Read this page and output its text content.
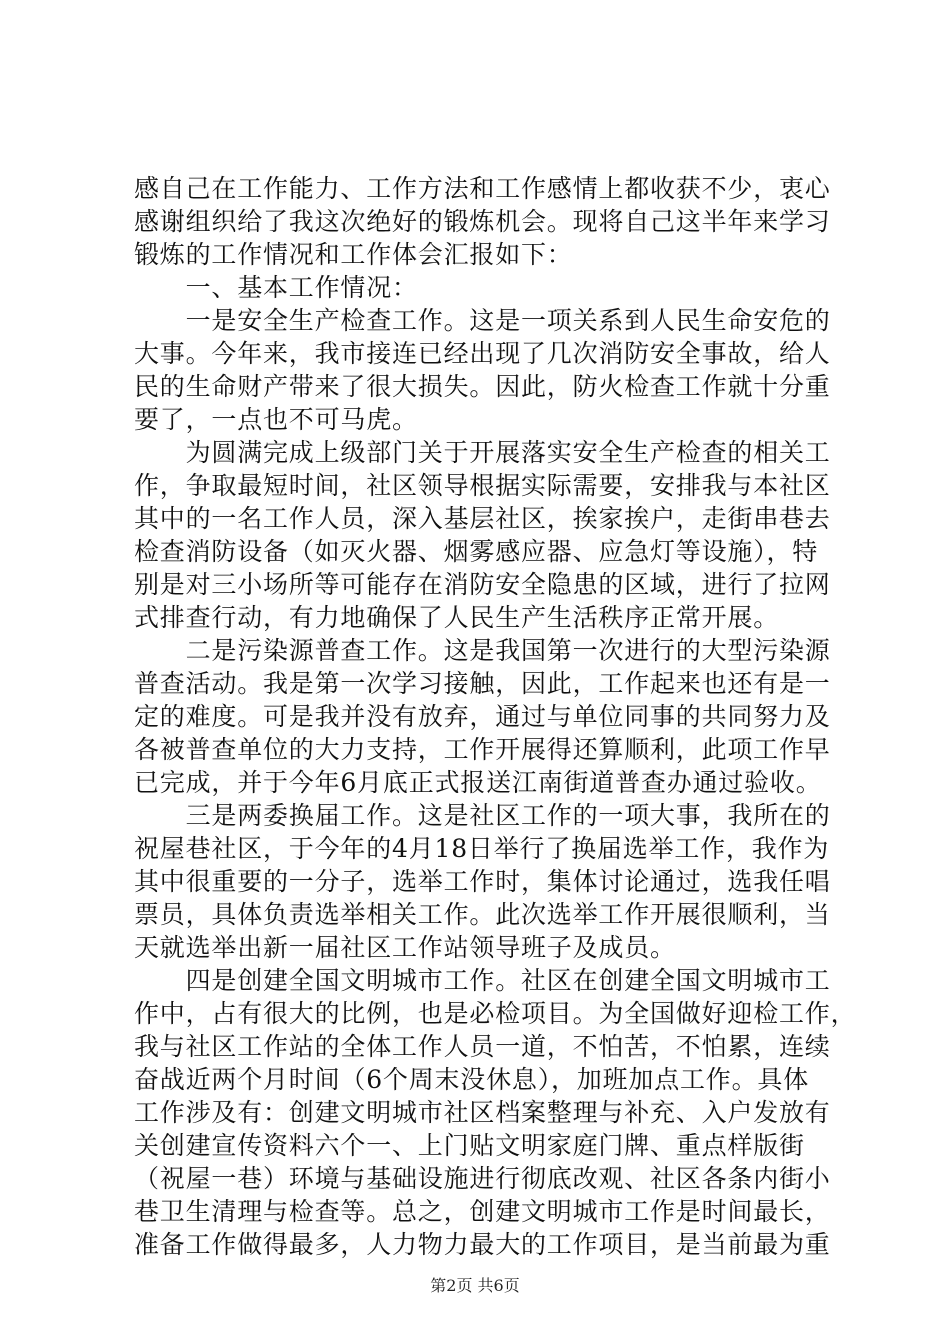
感自己在工作能力、工作方法和工作感情上都收获不少，衷心
感谢组织给了我这次绝好的锻炼机会。现将自己这半年来学习
锻炼的工作情况和工作体会汇报如下：
　　一、基本工作情况：
　　一是安全生产检查工作。这是一项关系到人民生命安危的
大事。今年来，我市接连已经出现了几次消防安全事故，给人
民的生命财产带来了很大损失。因此，防火检查工作就十分重
要了，一点也不可马虎。
　　为圆满完成上级部门关于开展落实安全生产检查的相关工
作，争取最短时间，社区领导根据实际需要，安排我与本社区
其中的一名工作人员，深入基层社区，挨家挨户，走街串巷去
检查消防设备（如灭火器、烟雾感应器、应急灯等设施），特
别是对三小场所等可能存在消防安全隐患的区域，进行了拉网
式排查行动，有力地确保了人民生产生活秩序正常开展。
　　二是污染源普查工作。这是我国第一次进行的大型污染源
普查活动。我是第一次学习接触，因此，工作起来也还有是一
定的难度。可是我并没有放弃，通过与单位同事的共同努力及
各被普查单位的大力支持，工作开展得还算顺利，此项工作早
已完成，并于今年6月底正式报送江南街道普查办通过验收。
　　三是两委换届工作。这是社区工作的一项大事，我所在的
祝屋巷社区，于今年的4月18日举行了换届选举工作，我作为
其中很重要的一分子，选举工作时，集体讨论通过，选我任唱
票员，具体负责选举相关工作。此次选举工作开展很顺利，当
天就选举出新一届社区工作站领导班子及成员。
　　四是创建全国文明城市工作。社区在创建全国文明城市工
作中，占有很大的比例，也是必检项目。为全国做好迎检工作，
我与社区工作站的全体工作人员一道，不怕苦，不怕累，连续
奋战近两个月时间（6个周末没休息），加班加点工作。具体
工作涉及有：创建文明城市社区档案整理与补充、入户发放有
关创建宣传资料六个一、上门贴文明家庭门牌、重点样版街
（祝屋一巷）环境与基础设施进行彻底改观、社区各条内街小
巷卫生清理与检查等。总之，创建文明城市工作是时间最长，
准备工作做得最多，人力物力最大的工作项目，是当前最为重
第2页 共6页
